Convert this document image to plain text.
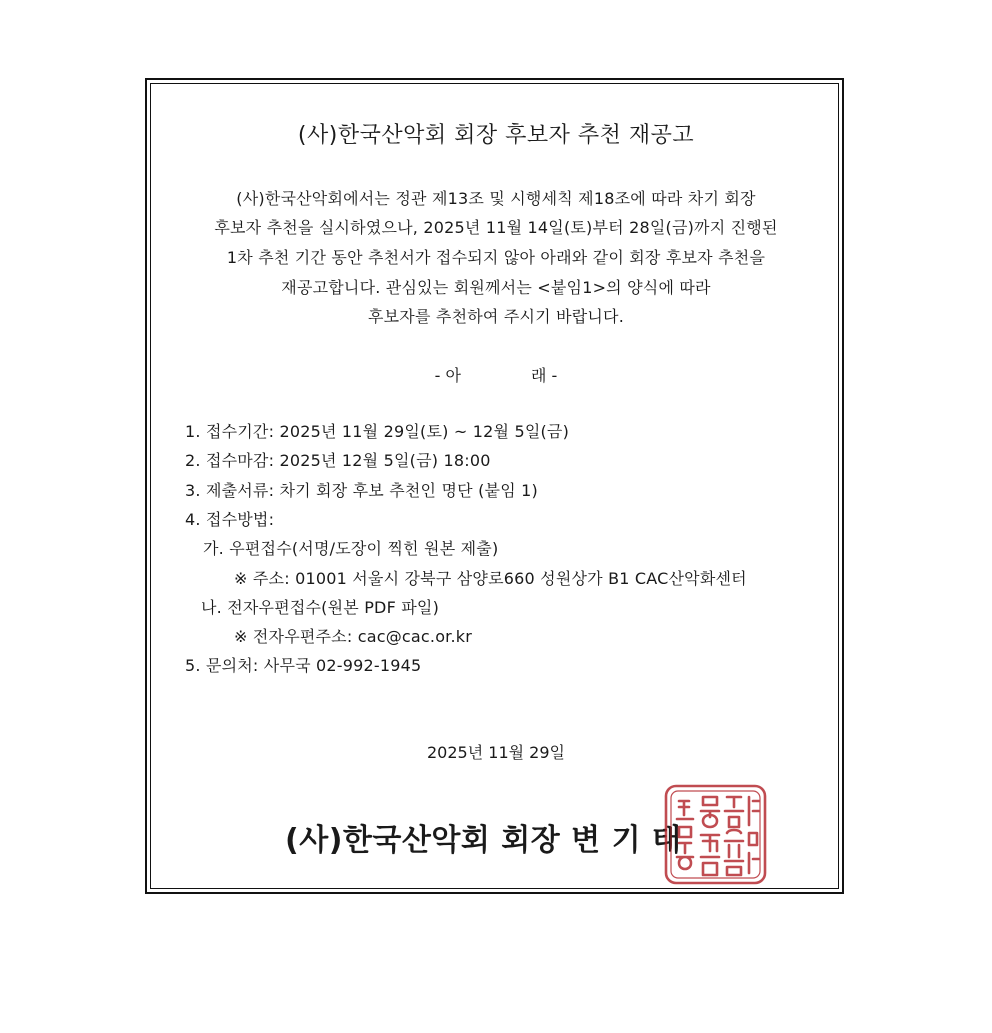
(사)한국산악회 회장 후보자 추천 재공고
(사)한국산악회에서는 정관 제13조 및 시행세칙 제18조에 따라 차기 회장
후보자 추천을 실시하였으나, 2025년 11월 14일(토)부터 28일(금)까지 진행된
1차 추천 기간 동안 추천서가 접수되지 않아 아래와 같이 회장 후보자 추천을
재공고합니다. 관심있는 회원께서는 <붙임1>의 양식에 따라
후보자를 추천하여 주시기 바랍니다.
- 아	래 -
1. 접수기간: 2025년 11월 29일(토) ~ 12월 5일(금)
2. 접수마감: 2025년 12월 5일(금) 18:00
3. 제출서류: 차기 회장 후보 추천인 명단 (붙임 1)
4. 접수방법:
가. 우편접수(서명/도장이 찍힌 원본 제출)
※ 주소: 01001 서울시 강북구 삼양로660 성원상가 B1 CAC산악화센터
나. 전자우편접수(원본 PDF 파일)
※ 전자우편주소: cac@cac.or.kr
5. 문의처: 사무국 02-992-1945
2025년 11월 29일
(사)한국산악회 회장 변 기 태
